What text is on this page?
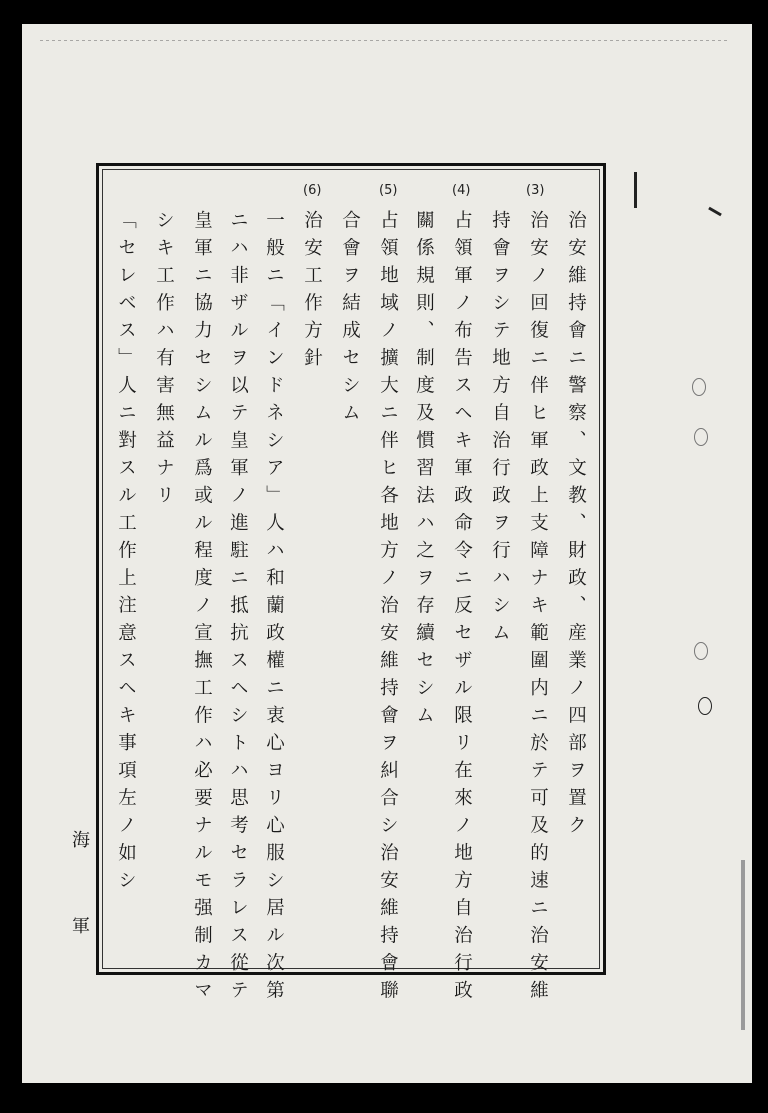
(3)
(4)
(5)
(6)
治安維持會ニ警察、文教、財政、産業ノ四部ヲ置ク
治安ノ回復ニ伴ヒ軍政上支障ナキ範圍内ニ於テ可及的速ニ治安維
持會ヲシテ地方自治行政ヲ行ハシム
占領軍ノ布告スヘキ軍政命令ニ反セザル限リ在來ノ地方自治行政
關係規則、制度及慣習法ハ之ヲ存續セシム
占領地域ノ擴大ニ伴ヒ各地方ノ治安維持會ヲ糾合シ治安維持會聯
合會ヲ結成セシム
治安工作方針
一般ニ「インドネシア」人ハ和蘭政權ニ衷心ヨリ心服シ居ル次第
ニハ非ザルヲ以テ皇軍ノ進駐ニ抵抗スヘシトハ思考セラレス從テ
皇軍ニ協力セシムル爲或ル程度ノ宣撫工作ハ必要ナルモ强制カマ
シキ工作ハ有害無益ナリ
「セレベス」人ニ對スル工作上注意スヘキ事項左ノ如シ
海
軍
